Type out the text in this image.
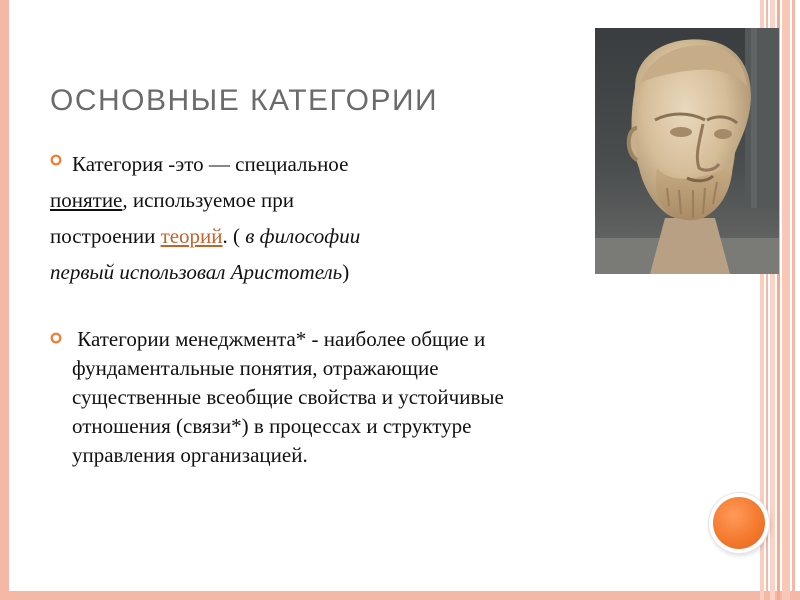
ОСНОВНЫЕ КАТЕГОРИИ
Категория -это — специальное
понятие, используемое при
построении теорий. ( в философии
первый использовал Аристотель)
Категории менеджмента* - наиболее общие и
фундаментальные понятия, отражающие
существенные всеобщие свойства и устойчивые
отношения (связи*) в процессах и структуре
управления организацией.
